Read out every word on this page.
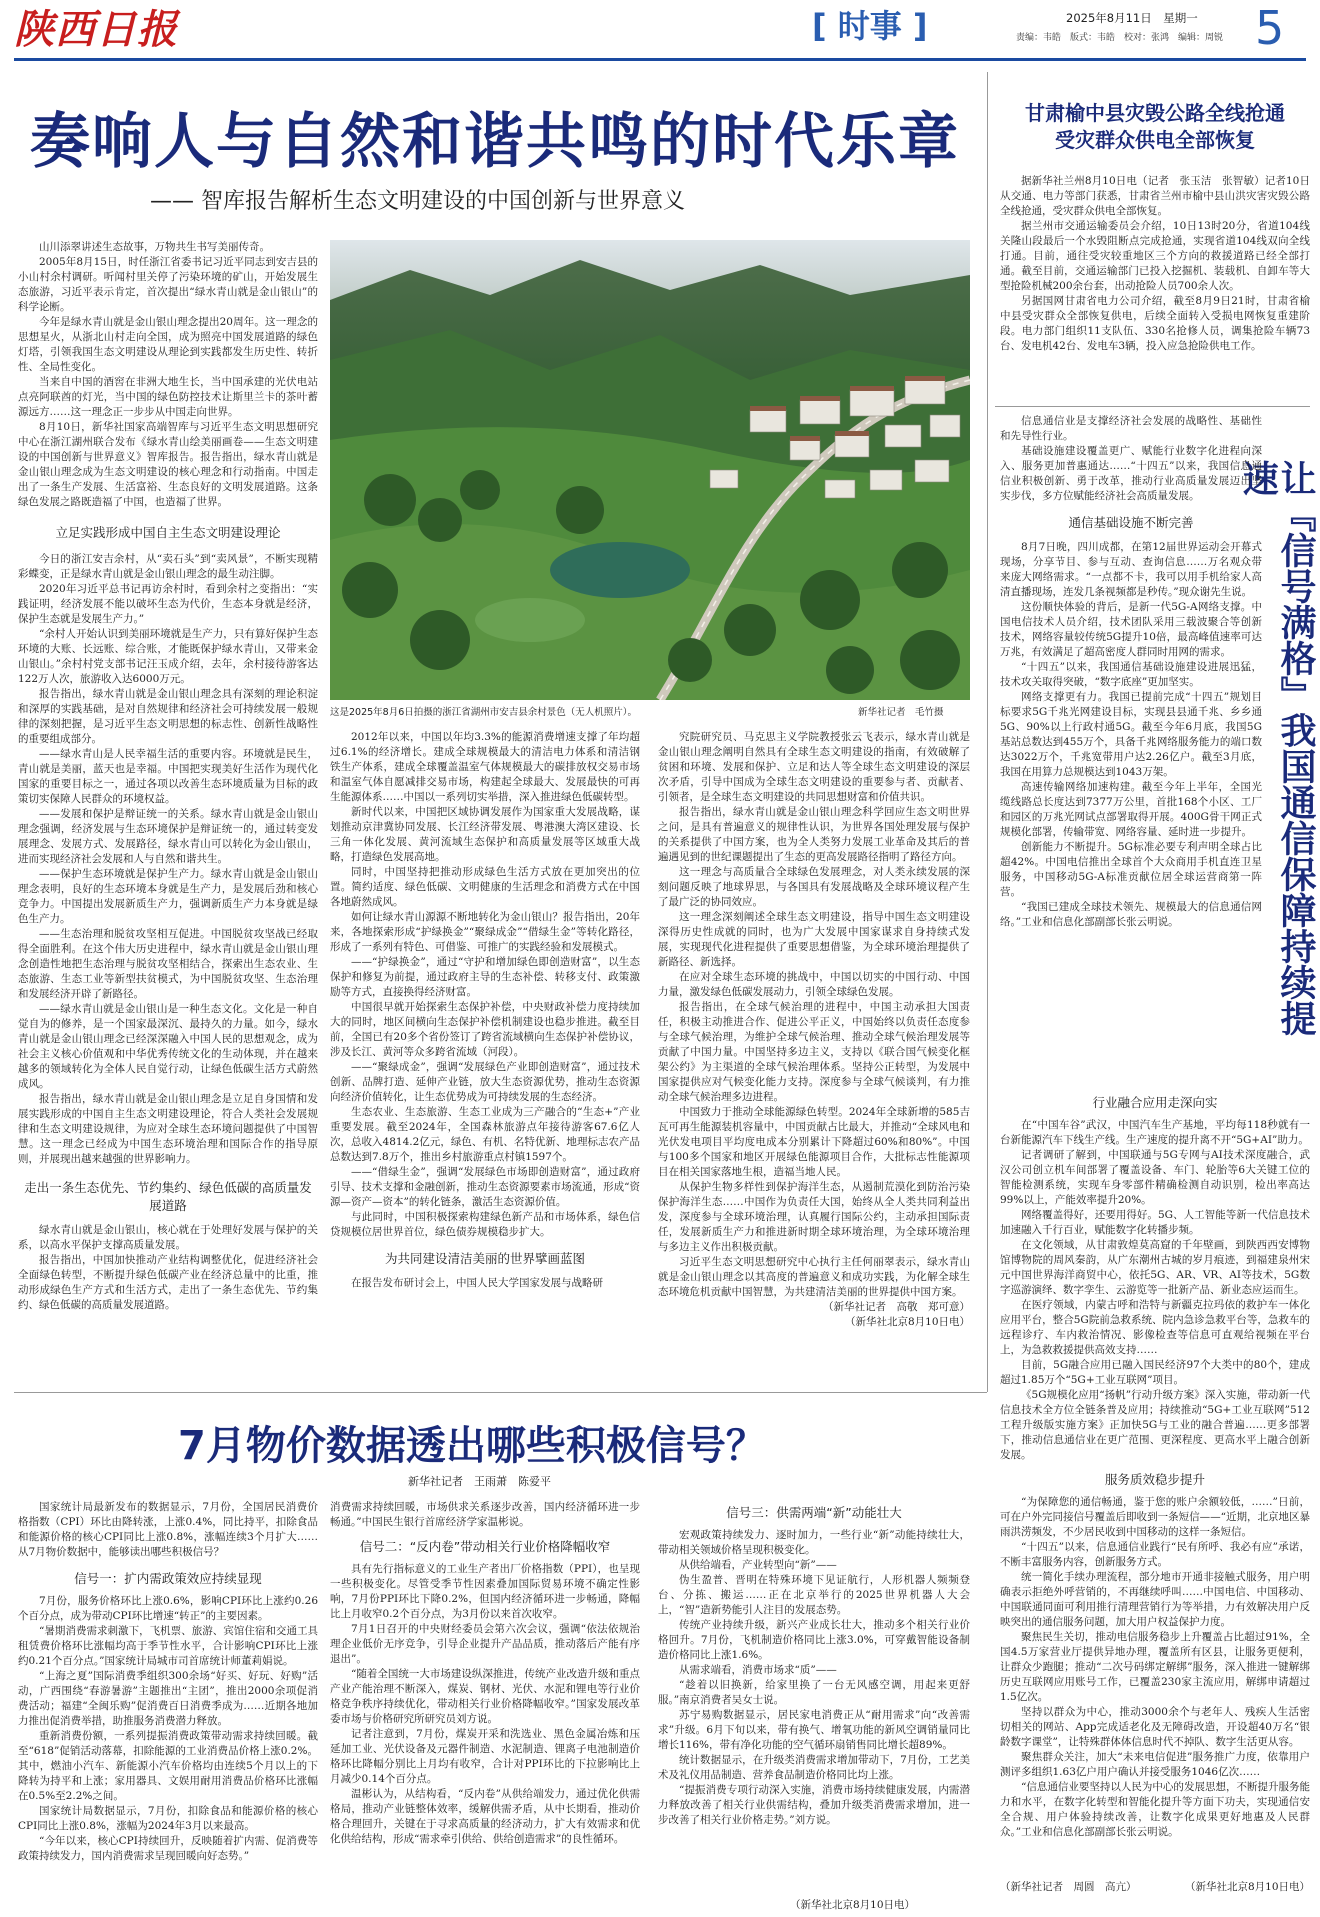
陕西日报	[ 时事 ]	2025年8月11日　星期一
责编：韦皓　版式：韦皓　校对：张鸿　编辑：周锐 5
奏响人与自然和谐共鸣的时代乐章
—— 智库报告解析生态文明建设的中国创新与世界意义

山川添翠讲述生态故事，万物共生书写美丽传奇。

2005年8月15日，时任浙江省委书记习近平同志到安吉县的小山村余村调研。听闻村里关停了污染环境的矿山，开始发展生态旅游，习近平表示肯定，首次提出“绿水青山就是金山银山”的科学论断。

今年是绿水青山就是金山银山理念提出20周年。这一理念的思想星火，从浙北山村走向全国，成为照亮中国发展道路的绿色灯塔，引领我国生态文明建设从理论到实践都发生历史性、转折性、全局性变化。

当来自中国的酒窖在非洲大地生长，当中国承建的光伏电站点亮阿联酋的灯光，当中国的绿色防控技术让斯里兰卡的茶叶蓄源远方……这一理念正一步步从中国走向世界。

8月10日，新华社国家高端智库与习近平生态文明思想研究中心在浙江湖州联合发布《绿水青山绘美丽画卷——生态文明建设的中国创新与世界意义》智库报告。报告指出，绿水青山就是金山银山理念成为生态文明建设的核心理念和行动指南。中国走出了一条生产发展、生活富裕、生态良好的文明发展道路。这条绿色发展之路既造福了中国，也造福了世界。

立足实践形成中国自主生态文明建设理论

今日的浙江安吉余村，从“卖石头”到“卖风景”，不断实现精彩蝶变，正是绿水青山就是金山银山理念的最生动注脚。

2020年习近平总书记再访余村时，看到余村之变指出：“实践证明，经济发展不能以破坏生态为代价，生态本身就是经济，保护生态就是发展生产力。”

“余村人开始认识到美丽环境就是生产力，只有算好保护生态环境的大账、长远账、综合账，才能既保护绿水青山，又带来金山银山。”余村村党支部书记汪玉成介绍，去年，余村接待游客达122万人次，旅游收入达6000万元。

报告指出，绿水青山就是金山银山理念具有深刻的理论积淀和深厚的实践基础，是对自然规律和经济社会可持续发展一般规律的深刻把握，是习近平生态文明思想的标志性、创新性战略性的重要组成部分。

——绿水青山是人民幸福生活的重要内容。环境就是民生，青山就是美丽，蓝天也是幸福。中国把实现美好生活作为现代化国家的重要目标之一，通过各项以改善生态环境质量为目标的政策切实保障人民群众的环境权益。

——发展和保护是辩证统一的关系。绿水青山就是金山银山理念强调，经济发展与生态环境保护是辩证统一的，通过转变发展理念、发展方式、发展路径，绿水青山可以转化为金山银山，进而实现经济社会发展和人与自然和谐共生。

——保护生态环境就是保护生产力。绿水青山就是金山银山理念表明，良好的生态环境本身就是生产力，是发展后劲和核心竞争力。中国提出发展新质生产力，强调新质生产力本身就是绿色生产力。

——生态治理和脱贫攻坚相互促进。中国脱贫攻坚战已经取得全面胜利。在这个伟大历史进程中，绿水青山就是金山银山理念创造性地把生态治理与脱贫攻坚相结合，探索出生态农业、生态旅游、生态工业等新型扶贫模式，为中国脱贫攻坚、生态治理和发展经济开辟了新路径。

——绿水青山就是金山银山是一种生态文化。文化是一种自觉自为的修养，是一个国家最深沉、最持久的力量。如今，绿水青山就是金山银山理念已经深深融入中国人民的思想观念，成为社会主义核心价值观和中华优秀传统文化的生动体现，并在越来越多的领域转化为全体人民自觉行动，让绿色低碳生活方式蔚然成风。

报告指出，绿水青山就是金山银山理念是立足自身国情和发展实践形成的中国自主生态文明建设理论，符合人类社会发展规律和生态文明建设规律，为应对全球生态环境问题提供了中国智慧。这一理念已经成为中国生态环境治理和国际合作的指导原则，并展现出越来越强的世界影响力。

走出一条生态优先、节约集约、绿色低碳的高质量发展道路

绿水青山就是金山银山，核心就在于处理好发展与保护的关系，以高水平保护支撑高质量发展。

报告指出，中国加快推动产业结构调整优化，促进经济社会全面绿色转型，不断提升绿色低碳产业在经济总量中的比重，推动形成绿色生产方式和生活方式，走出了一条生态优先、节约集约、绿色低碳的高质量发展道路。

这是2025年8月6日拍摄的浙江省湖州市安吉县余村景色（无人机照片）。	新华社记者　毛竹摄

2012年以来，中国以年均3.3%的能源消费增速支撑了年均超过6.1%的经济增长。建成全球规模最大的清洁电力体系和清洁钢铁生产体系，建成全球覆盖温室气体规模最大的碳排放权交易市场和温室气体自愿减排交易市场，构建起全球最大、发展最快的可再生能源体系……中国以一系列切实举措，深入推进绿色低碳转型。

新时代以来，中国把区域协调发展作为国家重大发展战略，谋划推动京津冀协同发展、长江经济带发展、粤港澳大湾区建设、长三角一体化发展、黄河流域生态保护和高质量发展等区域重大战略，打造绿色发展高地。

同时，中国坚持把推动形成绿色生活方式放在更加突出的位置。简约适度、绿色低碳、文明健康的生活理念和消费方式在中国各地蔚然成风。

如何让绿水青山源源不断地转化为金山银山？报告指出，20年来，各地探索形成“护绿换金”“聚绿成金”“借绿生金”等转化路径，形成了一系列有特色、可借鉴、可推广的实践经验和发展模式。

——“护绿换金”，通过“守护和增加绿色即创造财富”，以生态保护和修复为前提，通过政府主导的生态补偿、转移支付、政策激励等方式，直接换得经济财富。

中国很早就开始探索生态保护补偿，中央财政补偿力度持续加大的同时，地区间横向生态保护补偿机制建设也稳步推进。截至目前，全国已有20多个省份签订了跨省流域横向生态保护补偿协议，涉及长江、黄河等众多跨省流域（河段）。

——“聚绿成金”，强调“发展绿色产业即创造财富”，通过技术创新、品牌打造、延伸产业链，放大生态资源优势，推动生态资源向经济价值转化，让生态优势成为可持续发展的生态经济。

生态农业、生态旅游、生态工业成为三产融合的“生态+”产业重要发展。截至2024年，全国森林旅游点年接待游客67.6亿人次，总收入4814.2亿元，绿色、有机、名特优新、地理标志农产品总数达到7.8万个，推出乡村旅游重点村镇1597个。

——“借绿生金”，强调“发展绿色市场即创造财富”，通过政府引导、技术支撑和金融创新，推动生态资源要素市场流通，形成“资源—资产—资本”的转化链条，激活生态资源价值。

与此同时，中国积极探索构建绿色新产品和市场体系，绿色信贷规模位居世界首位，绿色债券规模稳步扩大。

为共同建设清洁美丽的世界擘画蓝图

在报告发布研讨会上，中国人民大学国家发展与战略研

究院研究员、马克思主义学院教授张云飞表示，绿水青山就是金山银山理念阐明自然具有全球生态文明建设的指南，有效破解了贫困和环境、发展和保护、立足和达人等全球生态文明建设的深层次矛盾，引导中国成为全球生态文明建设的重要参与者、贡献者、引领者，是全球生态文明建设的共同思想财富和价值共识。

报告指出，绿水青山就是金山银山理念科学回应生态文明世界之问，是具有普遍意义的规律性认识，为世界各国处理发展与保护的关系提供了中国方案，也为全人类努力发展工业革命及其后的普遍遇见到的世纪课题提出了生态的更高发展路径指明了路径方向。

这一理念与高质量合全球绿色发展理念，对人类永续发展的深刻问题反映了地球界思，与各国具有发展战略及全球环境议程产生了最广泛的协同效应。

这一理念深刻阐述全球生态文明建设，指导中国生态文明建设深得历史性成就的同时，也为广大发展中国家谋求自身持续式发展，实现现代化进程提供了重要思想借鉴，为全球环境治理提供了新路径、新选择。

在应对全球生态环境的挑战中，中国以切实的中国行动、中国力量，激发绿色低碳发展动力，引领全球绿色发展。

报告指出，在全球气候治理的进程中，中国主动承担大国责任，积极主动推进合作、促进公平正义，中国始终以负责任态度参与全球气候治理，为维护全球气候治理、推动全球气候治理发展等贡献了中国力量。中国坚持多边主义，支持以《联合国气候变化框架公约》为主渠道的全球气候治理体系。坚持公正转型，为发展中国家提供应对气候变化能力支持。深度参与全球气候谈判，有力推动全球气候治理多边进程。

中国致力于推动全球能源绿色转型。2024年全球新增的585吉瓦可再生能源装机容量中，中国贡献占比最大，并推动“全球风电和光伏发电项目平均度电成本分别累计下降超过60%和80%”。中国与100多个国家和地区开展绿色能源项目合作，大批标志性能源项目在相关国家落地生根，造福当地人民。

从保护生物多样性到保护海洋生态，从遏制荒漠化到防治污染保护海洋生态……中国作为负责任大国，始终从全人类共同利益出发，深度参与全球环境治理，认真履行国际公约，主动承担国际责任，发展新质生产力和推进新时期全球环境治理，为全球环境治理与多边主义作出积极贡献。

习近平生态文明思想研究中心执行主任何丽翠表示，绿水青山就是金山银山理念以其高度的普遍意义和成功实践，为化解全球生态环境危机贡献中国智慧，为共建清洁美丽的世界提供中国方案。

（新华社记者　高敬　郑可意）
（新华社北京8月10日电）
甘肃榆中县灾毁公路全线抢通
受灾群众供电全部恢复

据新华社兰州8月10日电（记者　张玉洁　张智敏）记者10日从交通、电力等部门获悉，甘肃省兰州市榆中县山洪灾害灾毁公路全线抢通，受灾群众供电全部恢复。

据兰州市交通运输委员会介绍，10日13时20分，省道104线关隆山段最后一个水毁阻断点完成抢通，实现省道104线双向全线打通。目前，通往受灾较重地区三个方向的救援道路已经全部打通。截至目前，交通运输部门已投入挖掘机、装载机、自卸车等大型抢险机械200余台套，出动抢险人员700余人次。

另据国网甘肃省电力公司介绍，截至8月9日21时，甘肃省榆中县受灾群众全部恢复供电，后续全面转入受损电网恢复重建阶段。电力部门组织11支队伍、330名抢修人员，调集抢险车辆73台、发电机42台、发电车3辆，投入应急抢险供电工作。

让『信号满格』我国通信保障持续提速

信息通信业是支撑经济社会发展的战略性、基础性和先导性行业。

基础设施建设覆盖更广、赋能行业数字化进程向深入、服务更加普惠通达……“十四五”以来，我国信息通信业积极创新、勇于改革，推动行业高质量发展迈出坚实步伐，多方位赋能经济社会高质量发展。

通信基础设施不断完善

8月7日晚，四川成都，在第12届世界运动会开幕式现场，分享节目、参与互动、查询信息……万名观众带来庞大网络需求。“一点都不卡，我可以用手机给家人高清直播现场，连发几条视频都是秒传。”现众谢先生说。

这份顺快体验的背后，是新一代5G-A网络支撑。中国电信技术人员介绍，技术团队采用三载波聚合等创新技术，网络容量较传统5G提升10倍，最高峰值速率可达万兆，有效满足了超高密度人群同时用网的需求。

“十四五”以来，我国通信基础设施建设进展迅猛，技术攻关取得突破，“数字底座”更加坚实。

网络支撑更有力。我国已提前完成“十四五”规划目标要求5G千兆光网建设目标，实现县县通千兆、乡乡通5G、90%以上行政村通5G。截至今年6月底，我国5G基站总数达到455万个，具备千兆网络服务能力的端口数达3022万个，千兆宽带用户达2.26亿户。截至3月底，我国在用算力总规模达到1043万架。

高速传输网络加速构建。截至今年上半年，全国光缆线路总长度达到7377万公里，首批168个小区、工厂和园区的万兆光网试点部署取得开展。400G骨干网正式规模化部署，传输带宽、网络容量、延时进一步提升。

创新能力不断提升。5G标准必要专利声明全球占比超42%。中国电信推出全球首个大众商用手机直连卫星服务，中国移动5G-A标准贡献位居全球运营商第一阵营。

“我国已建成全球技术领先、规模最大的信息通信网络。”工业和信息化部副部长张云明说。

行业融合应用走深向实

在“中国车谷”武汉，中国汽车生产基地，平均每118秒就有一台新能源汽车下线生产线。生产速度的提升离不开“5G+AI”助力。

记者调研了解到，中国联通与5G专网与AI技术深度融合，武汉公司创立机车间部署了覆盖设备、车门、轮胎等6大关键工位的智能检测系统，实现车身零部件精确检测自动识别，检出率高达99%以上，产能效率提升20%。

网络覆盖得好，还要用得好。5G、人工智能等新一代信息技术加速融入千行百业，赋能数字化转播步频。

在文化领域，从甘肃敦煌莫高窟的千年壁画，到陕西西安博物馆博物院的周风秦韵，从广东潮州古城的岁月痕迹，到福建泉州宋元中国世界海洋商贸中心，依托5G、AR、VR、AI等技术，5G数字巡游演绎、数字孪生、云游览等一批新产品、新业态应运而生。

在医疗领域，内蒙古呼和浩特与新疆克拉玛依的救护车一体化应用平台，整合5G院前急救系统、院内急诊急救平台等，急救车的远程诊疗、车内救治情况、影像检查等信息可直观给视频在平台上，为急救救援提供高效支持……

目前，5G融合应用已融入国民经济97个大类中的80个，建成超过1.85万个“5G+工业互联网”项目。

《5G规模化应用“扬帆”行动升级方案》深入实施，带动新一代信息技术全方位全链条普及应用；持续推动“5G+工业互联网”512工程升级版实施方案》正加快5G与工业的融合普遍……更多部署下，推动信息通信业在更广范围、更深程度、更高水平上融合创新发展。

服务质效稳步提升

“为保障您的通信畅通，鉴于您的账户余额较低，……”日前，可在户外完同接信号覆盖后即收到一条短信——“近期，北京地区暴雨洪涝频发，不少居民收到中国移动的这样一条短信。

“十四五”以来，信息通信业践行“民有所呼、我必有应”承诺，不断丰富服务内容，创新服务方式。

统一简化手续办理流程，部分地市开通非接触式服务，用户明确表示拒绝外呼营销的，不再继续呼叫……中国电信、中国移动、中国联通同面可利用推行清理营销行为等举措，力有效解决用户反映突出的通信服务问题，加大用户权益保护力度。

聚焦民生关切，推动电信服务稳步上升覆盖占比超过91%，全国4.5万家营业厅提供异地办理，覆盖所有区县，让服务更便利，让群众少跑腿；推动“二次号码绑定解绑”服务，深入推进一键解绑历史互联网应用账号工作，已覆盖230家主流应用，解绑申请超过1.5亿次。

坚持以群众为中心，推动3000余个与老年人、残疾人生活密切相关的网站、App完成适老化及无障碍改造，开设超40万名“银龄数字课堂”，让特殊群体体信息时代不掉队、数字生活更从容。

聚焦群众关注，加大“未来电信促进”服务推广力度，依靠用户测评多组织1.63亿户用户确认并接受服务1046亿次……

“信息通信业要坚持以人民为中心的发展思想，不断提升服务能力和水平，在数字化转型和智能化提升等方面下功夫，实现通信安全合规、用户体验持续改善，让数字化成果更好地惠及人民群众。”工业和信息化部副部长张云明说。

（新华社记者　周圆　高亢）	（新华社北京8月10日电）
7月物价数据透出哪些积极信号？
新华社记者　王雨萧　陈爱平

国家统计局最新发布的数据显示，7月份，全国居民消费价格指数（CPI）环比由降转涨，上涨0.4%，同比持平，扣除食品和能源价格的核心CPI同比上涨0.8%，涨幅连续3个月扩大……从7月物价数据中，能够读出哪些积极信号？

信号一：扩内需政策效应持续显现

7月份，服务价格环比上涨0.6%，影响CPI环比上涨约0.26个百分点，成为带动CPI环比增速“转正”的主要因素。

“暑期消费需求刺激下，飞机票、旅游、宾馆住宿和交通工具租赁费价格环比涨幅均高于季节性水平，合计影响CPI环比上涨约0.21个百分点。”国家统计局城市司首席统计师董莉娟说。

“上海之夏”国际消费季组织300余场“好买、好玩、好购”活动，广西围绕“春游暑游”主题推出“主团”，推出2000余项促消费活动；福建“全闽乐购”促消费百日消费季成为……近期各地加力推出促消费举措，助推服务消费潜力释放。

重新消费份额，一系列提振消费政策带动需求持续回暖。截至“618”促销活动落幕，扣除能源的工业消费品价格上涨0.2%。其中，燃油小汽车、新能源小汽车价格均由连续5个月以上的下降转为持平和上涨；家用器具、文娱用耐用消费品价格环比涨幅在0.5%至2.2%之间。

国家统计局数据显示，7月份，扣除食品和能源价格的核心CPI同比上涨0.8%，涨幅为2024年3月以来最高。

“今年以来，核心CPI持续回升，反映随着扩内需、促消费等政策持续发力，国内消费需求呈现回暖向好态势。”

消费需求持续回暖，市场供求关系逐步改善，国内经济循环进一步畅通。”中国民生银行首席经济学家温彬说。

信号二：“反内卷”带动相关行业价格降幅收窄

具有先行指标意义的工业生产者出厂价格指数（PPI），也呈现一些积极变化。尽管受季节性因素叠加国际贸易环境不确定性影响，7月份PPI环比下降0.2%，但国内经济循环进一步畅通，降幅比上月收窄0.2个百分点，为3月份以来首次收窄。

7月1日召开的中央财经委员会第六次会议，强调“依法依规治理企业低价无序竞争，引导企业提升产品品质，推动落后产能有序退出”。

“随着全国统一大市场建设纵深推进，传统产业改造升级和重点产业产能治理不断深入，煤炭、钢材、光伏、水泥和锂电等行业价格竞争秩序持续优化，带动相关行业价格降幅收窄。”国家发展改革委市场与价格研究所研究员刘方说。

记者注意到，7月份，煤炭开采和洗选业、黑色金属冶炼和压延加工业、光伏设备及元器件制造、水泥制造、锂离子电池制造价格环比降幅分别比上月均有收窄，合计对PPI环比的下拉影响比上月减少0.14个百分点。

温彬认为，从结构看，“反内卷”从供给端发力，通过优化供需格局，推动产业链整体效率，缓解供需矛盾，从中长期看，推动价格合理回升，关键在于寻求高质量的经济动力，扩大有效需求和优化供给结构，形成“需求牵引供给、供给创造需求”的良性循环。

信号三：供需两端“新”动能壮大

宏观政策持续发力、逐时加力，一些行业“新”动能持续壮大，带动相关领域价格呈现积极变化。

从供给端看，产业转型向“新”——

伪生盈普、晋明在特殊环境下见证航行，人形机器人频频登台、分拣、搬运……正在北京举行的2025世界机器人大会上，“智”造新势能引人注目的发展态势。

传统产业持续升级，新兴产业成长壮大，推动多个相关行业价格回升。7月份，飞机制造价格同比上涨3.0%，可穿戴智能设备制造价格同比上涨1.6%。

从需求端看，消费市场求“质”——

“趁着以旧换新，给家里换了一台无风感空调，用起来更舒服。”南京消费者吴女士说。

苏宁易购数据显示，居民家电消费正从“耐用需求”向“改善需求”升级。6月下旬以来，带有换气、增氧功能的新风空调销量同比增长116%，带有净化功能的空气循环扇销售同比增长超89%。

统计数据显示，在升级类消费需求增加带动下，7月份，工艺美术及礼仪用品制造、营养食品制造价格同比均上涨。

“提振消费专项行动深入实施，消费市场持续健康发展，内需潜力释放改善了相关行业供需结构，叠加升级类消费需求增加，进一步改善了相关行业价格走势。”刘方说。

（新华社北京8月10日电）
